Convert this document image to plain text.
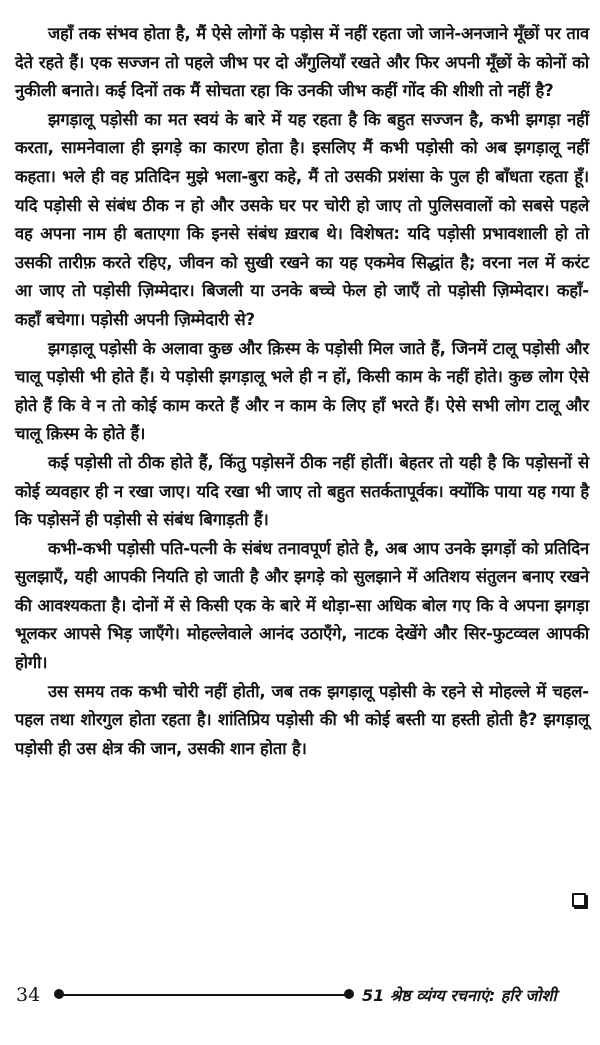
जहाँ तक संभव होता है, मैं ऐसे लोगों के पड़ोस में नहीं रहता जो जाने-अनजाने मूँछों पर ताव देते रहते हैं। एक सज्जन तो पहले जीभ पर दो अँगुलियाँ रखते और फिर अपनी मूँछों के कोनों को नुकीली बनाते। कई दिनों तक मैं सोचता रहा कि उनकी जीभ कहीं गोंद की शीशी तो नहीं है?

झगड़ालू पड़ोसी का मत स्वयं के बारे में यह रहता है कि बहुत सज्जन है, कभी झगड़ा नहीं करता, सामनेवाला ही झगड़े का कारण होता है। इसलिए मैं कभी पड़ोसी को अब झगड़ालू नहीं कहता। भले ही वह प्रतिदिन मुझे भला-बुरा कहे, मैं तो उसकी प्रशंसा के पुल ही बाँधता रहता हूँ। यदि पड़ोसी से संबंध ठीक न हो और उसके घर पर चोरी हो जाए तो पुलिसवालों को सबसे पहले वह अपना नाम ही बताएगा कि इनसे संबंध ख़राब थे। विशेषत: यदि पड़ोसी प्रभावशाली हो तो उसकी तारीफ़ करते रहिए, जीवन को सुखी रखने का यह एकमेव सिद्धांत है; वरना नल में करंट आ जाए तो पड़ोसी ज़िम्मेदार। बिजली या उनके बच्चे फेल हो जाएँ तो पड़ोसी ज़िम्मेदार। कहाँ- कहाँ बचेगा। पड़ोसी अपनी ज़िम्मेदारी से?

झगड़ालू पड़ोसी के अलावा कुछ और क़िस्म के पड़ोसी मिल जाते हैं, जिनमें टालू पड़ोसी और चालू पड़ोसी भी होते हैं। ये पड़ोसी झगड़ालू भले ही न हों, किसी काम के नहीं होते। कुछ लोग ऐसे होते हैं कि वे न तो कोई काम करते हैं और न काम के लिए हाँ भरते हैं। ऐसे सभी लोग टालू और चालू क़िस्म के होते हैं।

कई पड़ोसी तो ठीक होते हैं, किंतु पड़ोसनें ठीक नहीं होतीं। बेहतर तो यही है कि पड़ोसनों से कोई व्यवहार ही न रखा जाए। यदि रखा भी जाए तो बहुत सतर्कतापूर्वक। क्योंकि पाया यह गया है कि पड़ोसनें ही पड़ोसी से संबंध बिगाड़ती हैं।

कभी-कभी पड़ोसी पति-पत्नी के संबंध तनावपूर्ण होते है, अब आप उनके झगड़ों को प्रतिदिन सुलझाएँ, यही आपकी नियति हो जाती है और झगड़े को सुलझाने में अतिशय संतुलन बनाए रखने की आवश्यकता है। दोनों में से किसी एक के बारे में थोड़ा-सा अधिक बोल गए कि वे अपना झगड़ा भूलकर आपसे भिड़ जाएँगे। मोहल्लेवाले आनंद उठाएँगे, नाटक देखेंगे और सिर-फुटव्वल आपकी होगी।

उस समय तक कभी चोरी नहीं होती, जब तक झगड़ालू पड़ोसी के रहने से मोहल्ले में चहल-पहल तथा शोरगुल होता रहता है। शांतिप्रिय पड़ोसी की भी कोई बस्ती या हस्ती होती है? झगड़ालू पड़ोसी ही उस क्षेत्र की जान, उसकी शान होता है।

34	51 श्रेष्ठ व्यंग्य रचनाएं: हरि जोशी
